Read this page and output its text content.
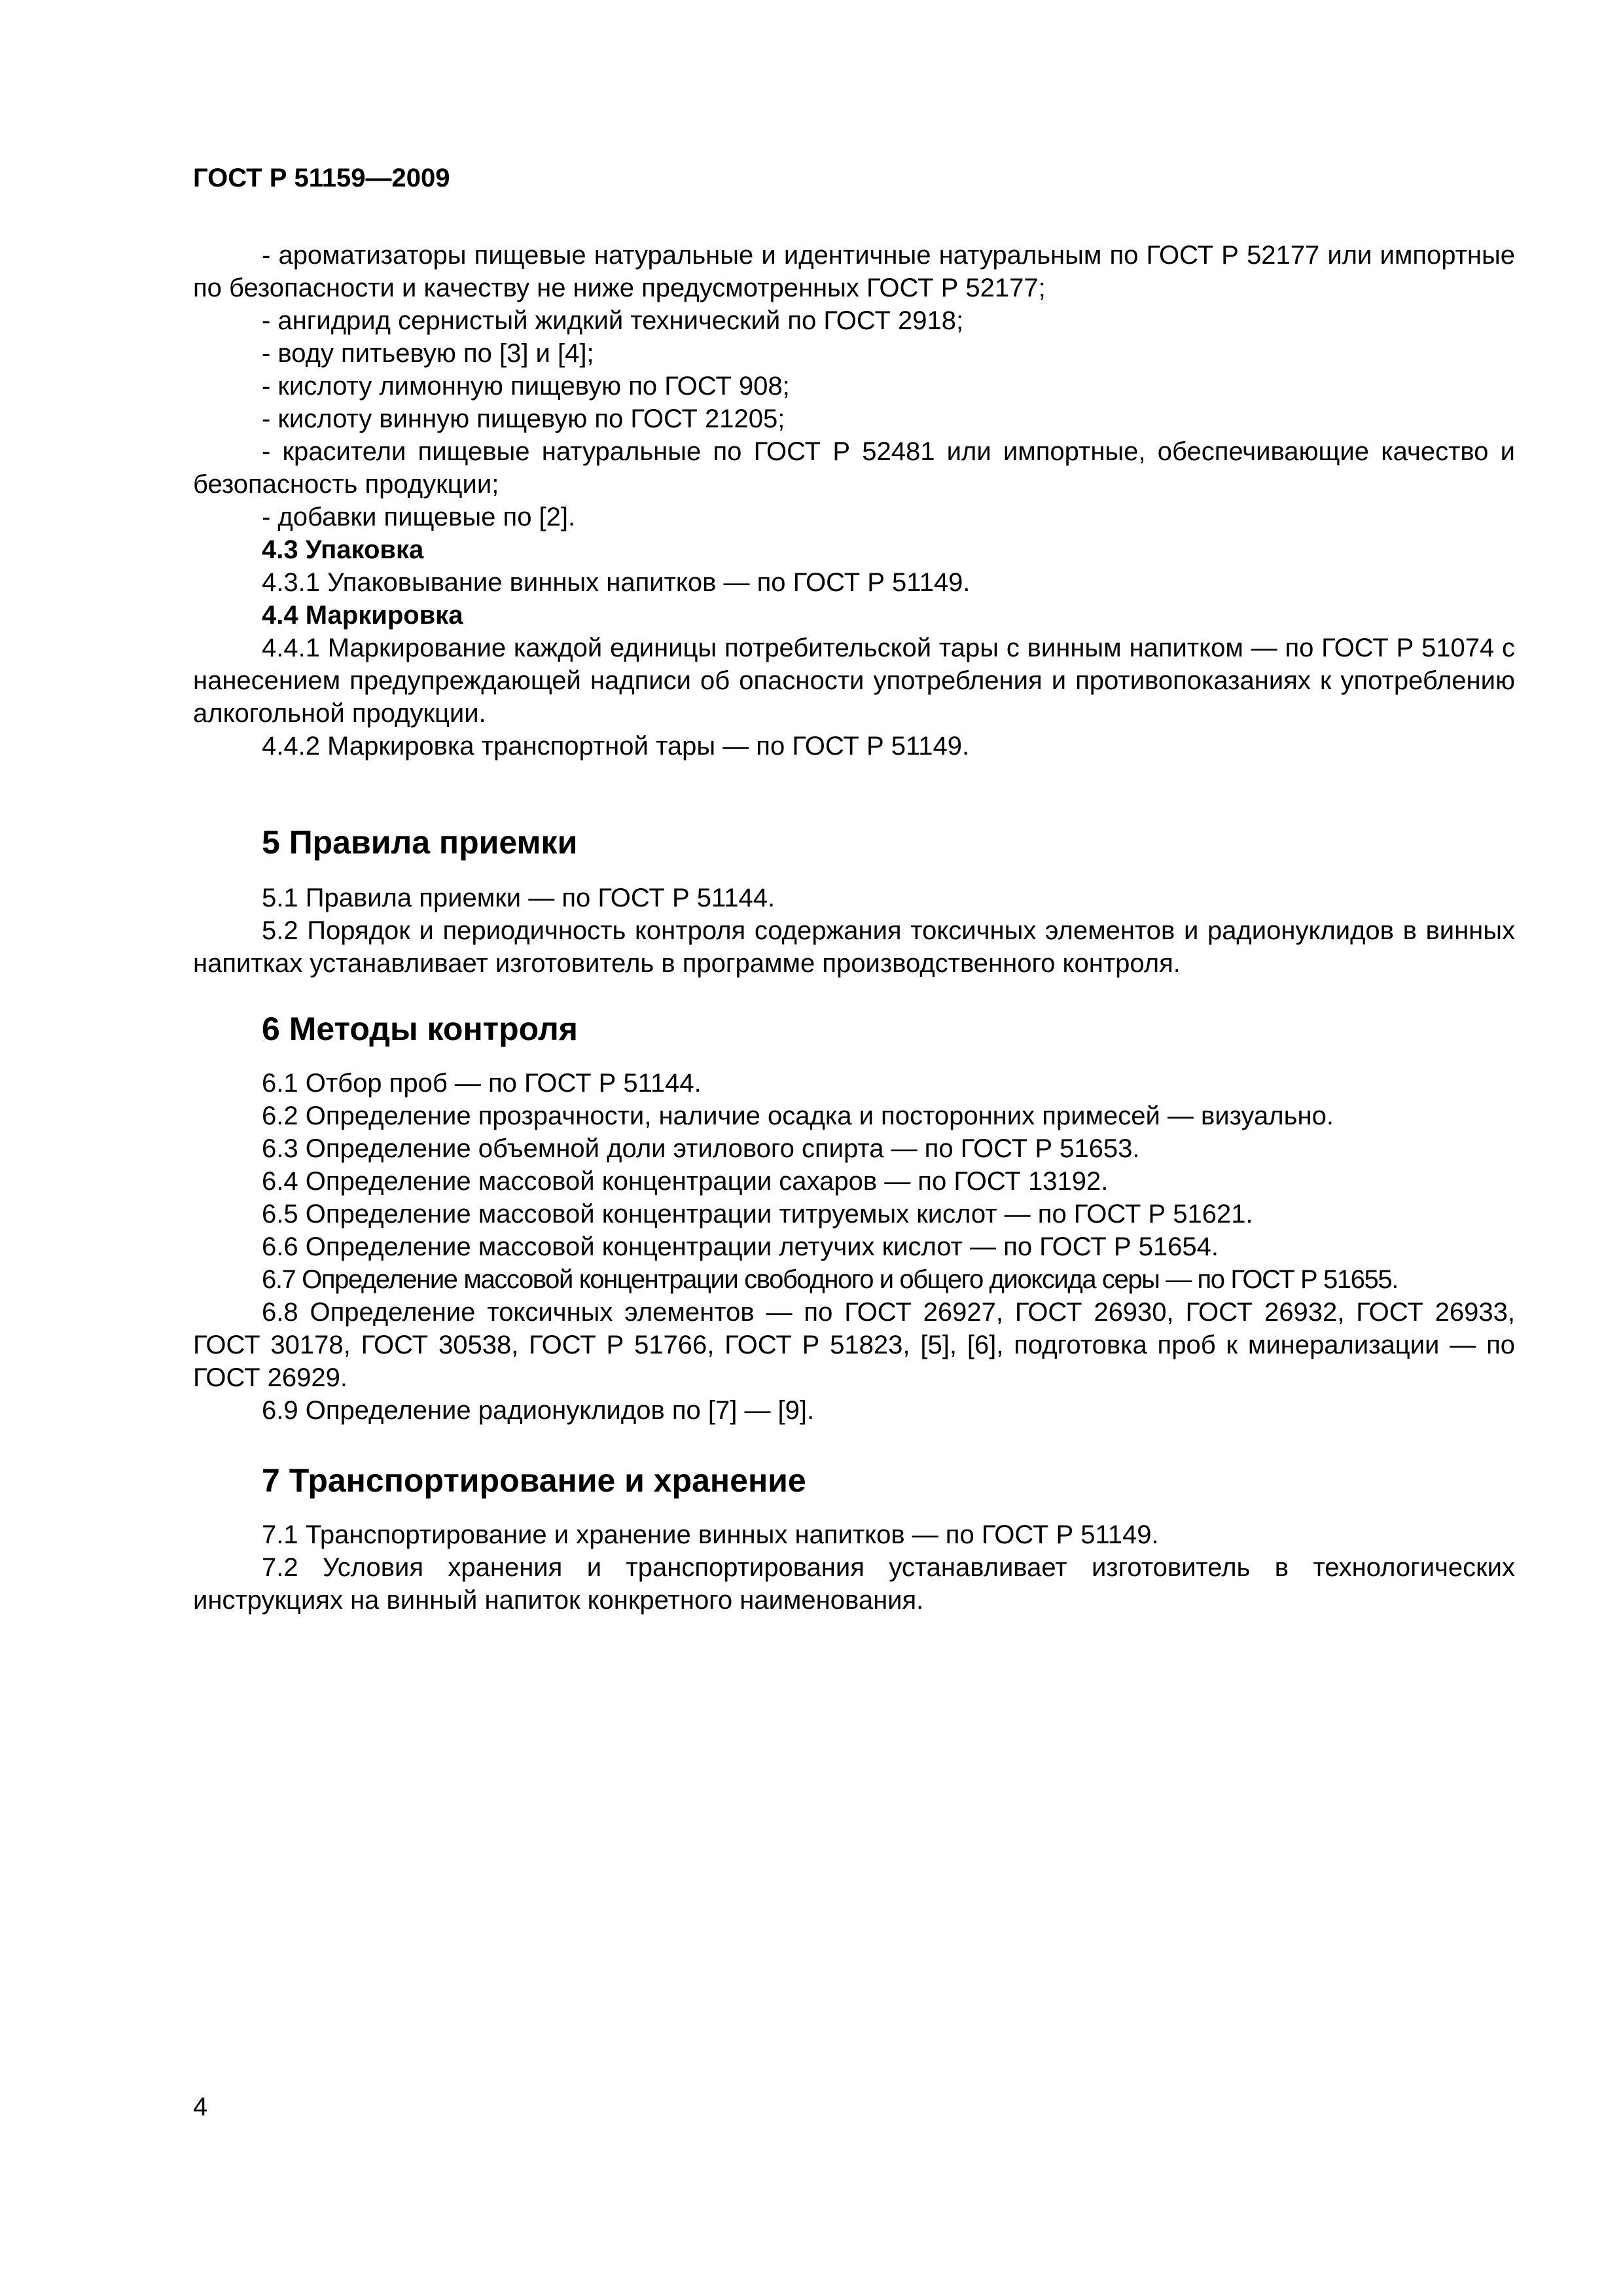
ГОСТ Р 51159—2009

- ароматизаторы пищевые натуральные и идентичные натуральным по ГОСТ Р 52177 или импортные по безопасности и качеству не ниже предусмотренных ГОСТ Р 52177;

- ангидрид сернистый жидкий технический по ГОСТ 2918;

- воду питьевую по [3] и [4];

- кислоту лимонную пищевую по ГОСТ 908;

- кислоту винную пищевую по ГОСТ 21205;

- красители пищевые натуральные по ГОСТ Р 52481 или импортные, обеспечивающие качество и безопасность продукции;

- добавки пищевые по [2].

4.3 Упаковка

4.3.1 Упаковывание винных напитков — по ГОСТ Р 51149.

4.4 Маркировка

4.4.1 Маркирование каждой единицы потребительской тары с винным напитком — по ГОСТ Р 51074 с нанесением предупреждающей надписи об опасности употребления и противопоказаниях к употреблению алкогольной продукции.

4.4.2 Маркировка транспортной тары — по ГОСТ Р 51149.

5 Правила приемки

5.1 Правила приемки — по ГОСТ Р 51144.

5.2 Порядок и периодичность контроля содержания токсичных элементов и радионуклидов в винных напитках устанавливает изготовитель в программе производственного контроля.

6 Методы контроля

6.1 Отбор проб — по ГОСТ Р 51144.

6.2 Определение прозрачности, наличие осадка и посторонних примесей — визуально.

6.3 Определение объемной доли этилового спирта — по ГОСТ Р 51653.

6.4 Определение массовой концентрации сахаров — по ГОСТ 13192.

6.5 Определение массовой концентрации титруемых кислот — по ГОСТ Р 51621.

6.6 Определение массовой концентрации летучих кислот — по ГОСТ Р 51654.

6.7 Определение массовой концентрации свободного и общего диоксида серы — по ГОСТ Р 51655.

6.8 Определение токсичных элементов — по ГОСТ 26927, ГОСТ 26930, ГОСТ 26932, ГОСТ 26933, ГОСТ 30178, ГОСТ 30538, ГОСТ Р 51766, ГОСТ Р 51823, [5], [6], подготовка проб к минерализации — по ГОСТ 26929.

6.9 Определение радионуклидов по [7] — [9].

7 Транспортирование и хранение

7.1 Транспортирование и хранение винных напитков — по ГОСТ Р 51149.

7.2 Условия хранения и транспортирования устанавливает изготовитель в технологических инструкциях на винный напиток конкретного наименования.

4
